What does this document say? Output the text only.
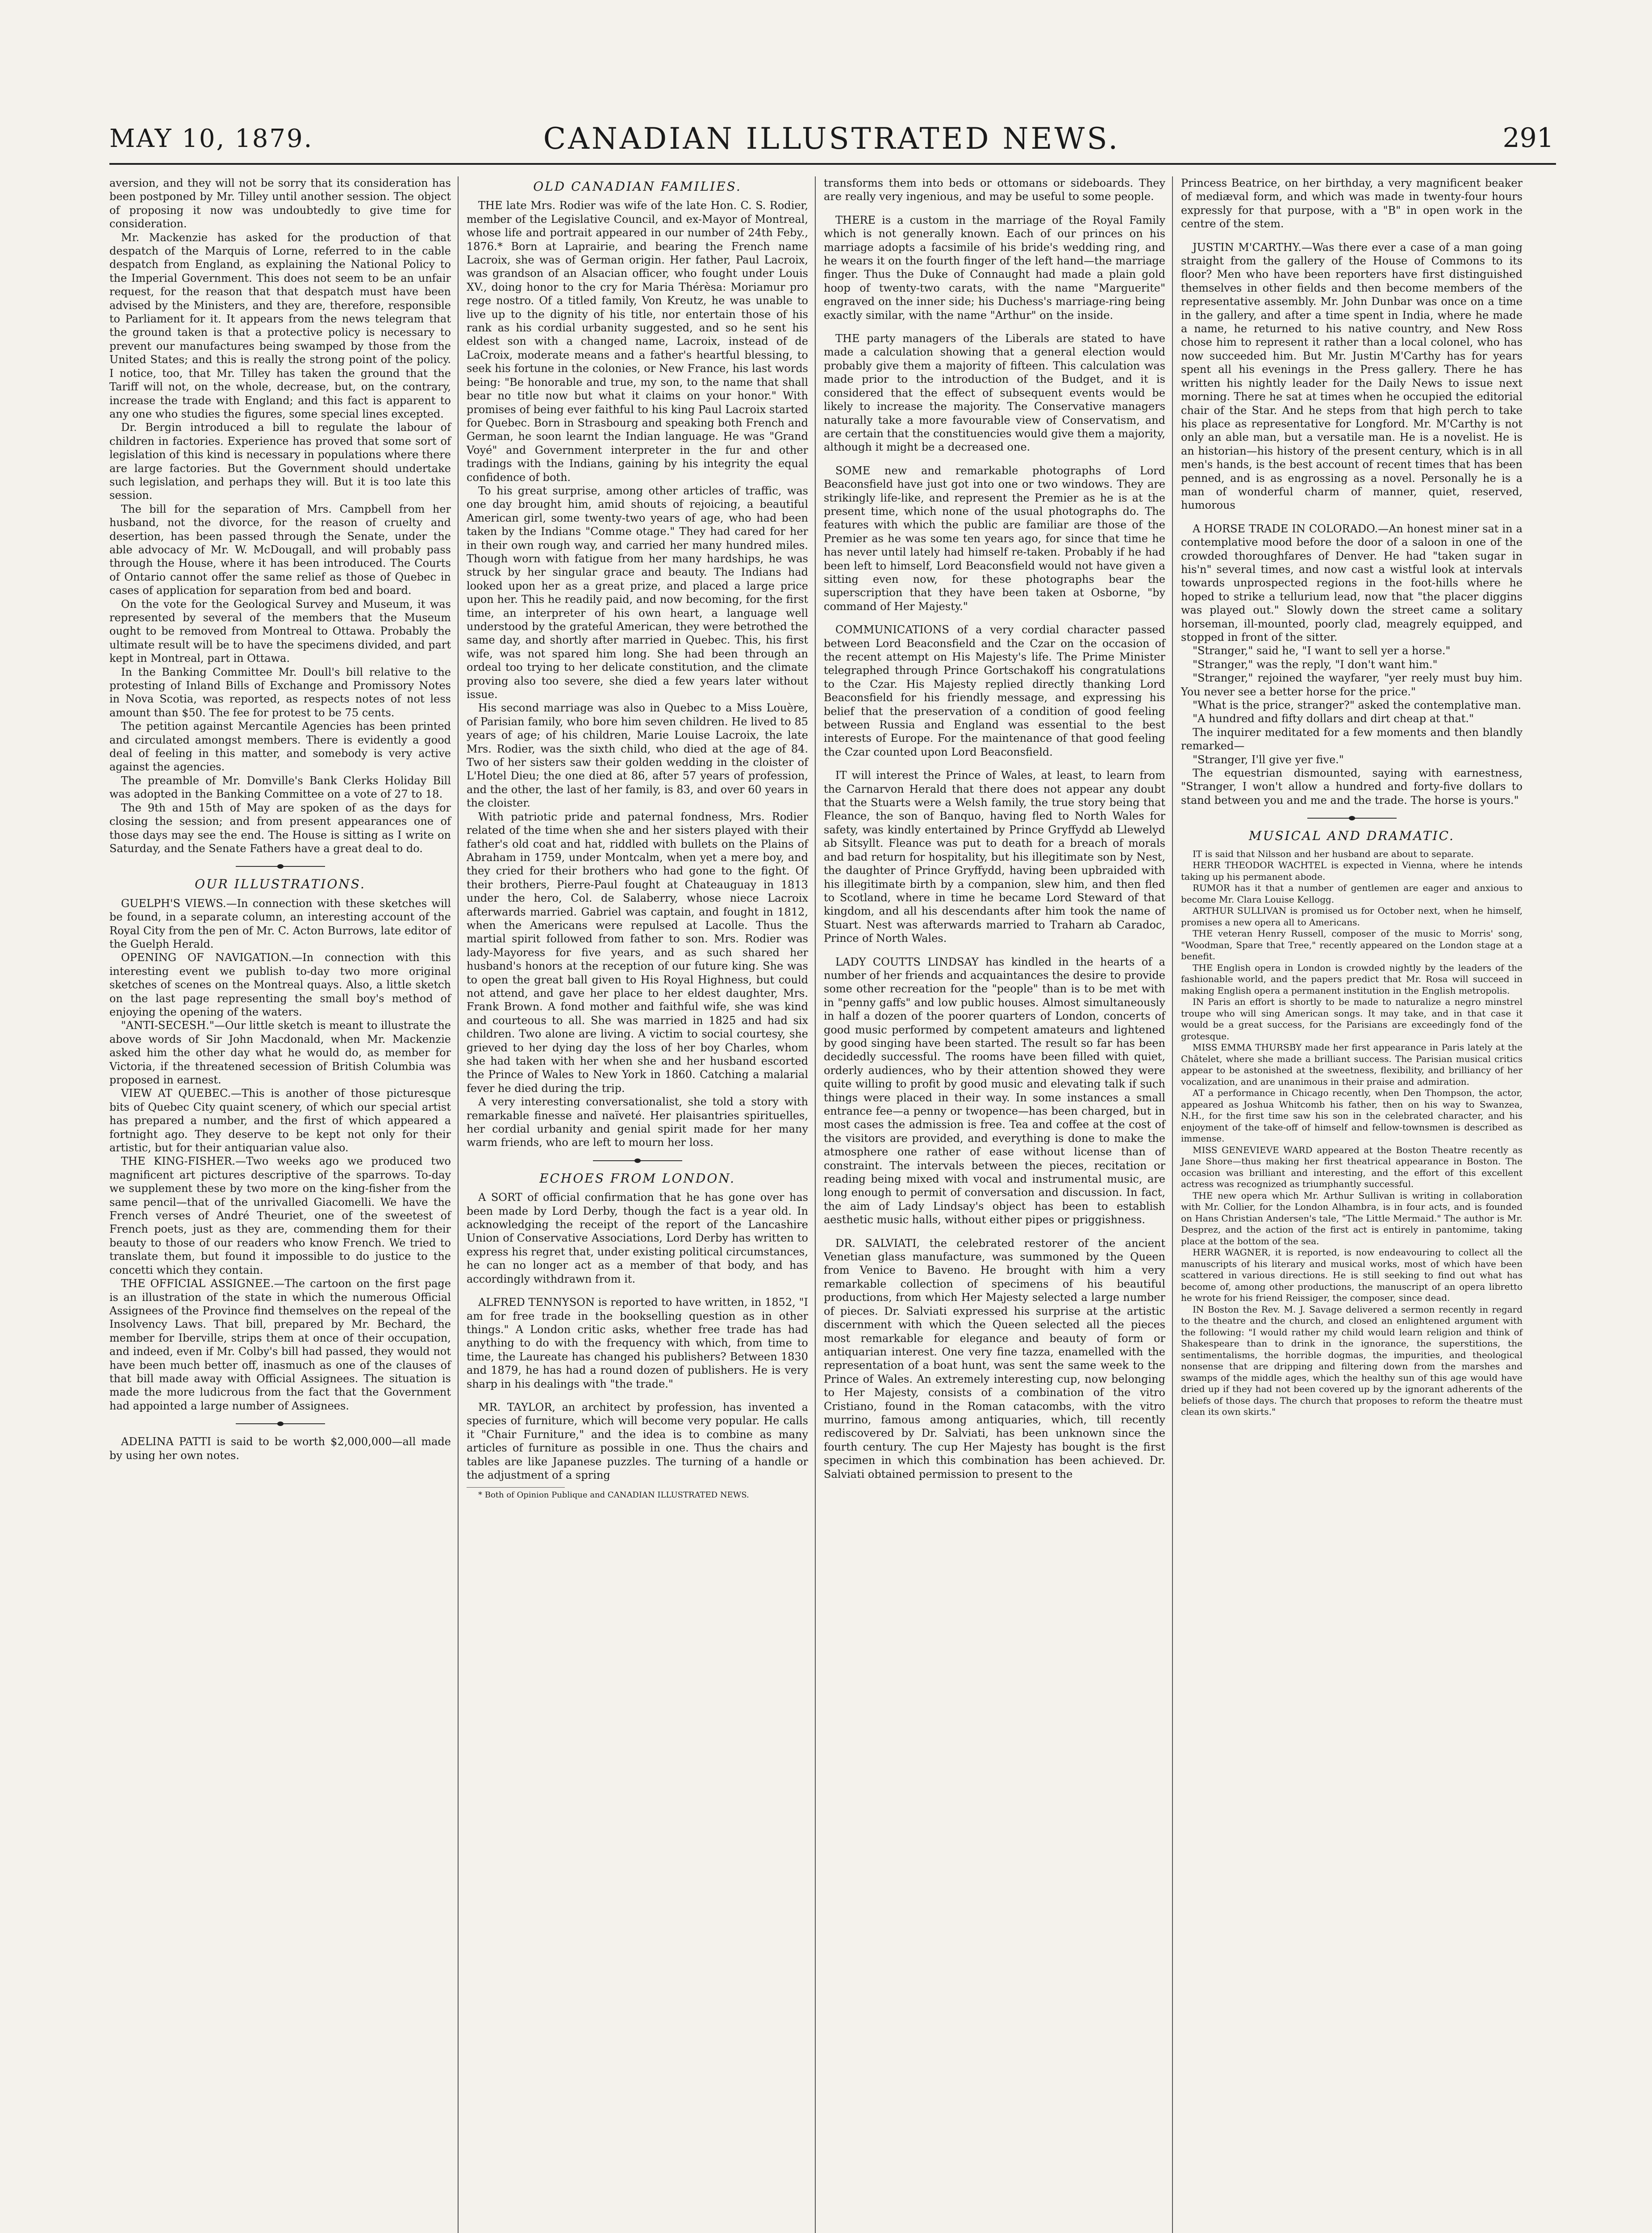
MAY 10, 1879.	CANADIAN ILLUSTRATED NEWS.	291

aversion, and they will not be sorry that its consideration has been postponed by Mr. Tilley until another session. The object of proposing it now was undoubtedly to give time for consideration.

Mr. Mackenzie has asked for the production of that despatch of the Marquis of Lorne, referred to in the cable despatch from England, as explaining the National Policy to the Imperial Government. This does not seem to be an unfair request, for the reason that that despatch must have been advised by the Ministers, and they are, therefore, responsible to Parliament for it. It appears from the news telegram that the ground taken is that a protective policy is necessary to prevent our manufactures being swamped by those from the United States; and this is really the strong point of the policy. I notice, too, that Mr. Tilley has taken the ground that the Tariff will not, on the whole, decrease, but, on the contrary, increase the trade with England; and this fact is apparent to any one who studies the figures, some special lines excepted.

Dr. Bergin introduced a bill to regulate the labour of children in factories. Experience has proved that some sort of legislation of this kind is necessary in populations where there are large factories. But the Government should undertake such legislation, and perhaps they will. But it is too late this session.

The bill for the separation of Mrs. Campbell from her husband, not the divorce, for the reason of cruelty and desertion, has been passed through the Senate, under the able advocacy of Mr. W. McDougall, and will probably pass through the House, where it has been introduced. The Courts of Ontario cannot offer the same relief as those of Quebec in cases of application for separation from bed and board.

On the vote for the Geological Survey and Museum, it was represented by several of the members that the Museum ought to be removed from Montreal to Ottawa. Probably the ultimate result will be to have the specimens divided, and part kept in Montreal, part in Ottawa.

In the Banking Committee Mr. Doull's bill relative to the protesting of Inland Bills of Exchange and Promissory Notes in Nova Scotia, was reported, as respects notes of not less amount than $50. The fee for protest to be 75 cents.

The petition against Mercantile Agencies has been printed and circulated amongst members. There is evidently a good deal of feeling in this matter, and somebody is very active against the agencies.

The preamble of Mr. Domville's Bank Clerks Holiday Bill was adopted in the Banking Committee on a vote of 27 to 18.

The 9th and 15th of May are spoken of as the days for closing the session; and from present appearances one of those days may see the end. The House is sitting as I write on Saturday, and the Senate Fathers have a great deal to do.

OUR ILLUSTRATIONS.

GUELPH'S VIEWS.—In connection with these sketches will be found, in a separate column, an interesting account of the Royal City from the pen of Mr. C. Acton Burrows, late editor of the Guelph Herald.

OPENING OF NAVIGATION.—In connection with this interesting event we publish to-day two more original sketches of scenes on the Montreal quays. Also, a little sketch on the last page representing the small boy's method of enjoying the opening of the waters.

"ANTI-SECESH."—Our little sketch is meant to illustrate the above words of Sir John Macdonald, when Mr. Mackenzie asked him the other day what he would do, as member for Victoria, if the threatened secession of British Columbia was proposed in earnest.

VIEW AT QUEBEC.—This is another of those picturesque bits of Quebec City quaint scenery, of which our special artist has prepared a number, and the first of which appeared a fortnight ago. They deserve to be kept not only for their artistic, but for their antiquarian value also.

THE KING-FISHER.—Two weeks ago we produced two magnificent art pictures descriptive of the sparrows. To-day we supplement these by two more on the king-fisher from the same pencil—that of the unrivalled Giacomelli. We have the French verses of André Theuriet, one of the sweetest of French poets, just as they are, commending them for their beauty to those of our readers who know French. We tried to translate them, but found it impossible to do justice to the concetti which they contain.

THE OFFICIAL ASSIGNEE.—The cartoon on the first page is an illustration of the state in which the numerous Official Assignees of the Province find themselves on the repeal of the Insolvency Laws. That bill, prepared by Mr. Bechard, the member for Iberville, strips them at once of their occupation, and indeed, even if Mr. Colby's bill had passed, they would not have been much better off, inasmuch as one of the clauses of that bill made away with Official Assignees. The situation is made the more ludicrous from the fact that the Government had appointed a large number of Assignees.

ADELINA PATTI is said to be worth $2,000,000—all made by using her own notes.

OLD CANADIAN FAMILIES.

THE late Mrs. Rodier was wife of the late Hon. C. S. Rodier, member of the Legislative Council, and ex-Mayor of Montreal, whose life and portrait appeared in our number of 24th Feby., 1876.* Born at Laprairie, and bearing the French name Lacroix, she was of German origin. Her father, Paul Lacroix, was grandson of an Alsacian officer, who fought under Louis XV., doing honor to the cry for Maria Thérèsa: Moriamur pro rege nostro. Of a titled family, Von Kreutz, he was unable to live up to the dignity of his title, nor entertain those of his rank as his cordial urbanity suggested, and so he sent his eldest son with a changed name, Lacroix, instead of de LaCroix, moderate means and a father's heartful blessing, to seek his fortune in the colonies, or New France, his last words being: "Be honorable and true, my son, to the name that shall bear no title now but what it claims on your honor." With promises of being ever faithful to his king Paul Lacroix started for Quebec. Born in Strasbourg and speaking both French and German, he soon learnt the Indian language. He was "Grand Voyé" and Government interpreter in the fur and other tradings with the Indians, gaining by his integrity the equal confidence of both.

To his great surprise, among other articles of traffic, was one day brought him, amid shouts of rejoicing, a beautiful American girl, some twenty-two years of age, who had been taken by the Indians "Comme otage." They had cared for her in their own rough way, and carried her many hundred miles. Though worn with fatigue from her many hardships, he was struck by her singular grace and beauty. The Indians had looked upon her as a great prize, and placed a large price upon her. This he readily paid, and now becoming, for the first time, an interpreter of his own heart, a language well understood by the grateful American, they were betrothed the same day, and shortly after married in Quebec. This, his first wife, was not spared him long. She had been through an ordeal too trying to her delicate constitution, and the climate proving also too severe, she died a few years later without issue.

His second marriage was also in Quebec to a Miss Louère, of Parisian family, who bore him seven children. He lived to 85 years of age; of his children, Marie Louise Lacroix, the late Mrs. Rodier, was the sixth child, who died at the age of 84. Two of her sisters saw their golden wedding in the cloister of L'Hotel Dieu; the one died at 86, after 57 years of profession, and the other, the last of her family, is 83, and over 60 years in the cloister.

With patriotic pride and paternal fondness, Mrs. Rodier related of the time when she and her sisters played with their father's old coat and hat, riddled with bullets on the Plains of Abraham in 1759, under Montcalm, when yet a mere boy, and they cried for their brothers who had gone to the fight. Of their brothers, Pierre-Paul fought at Chateauguay in 1813 under the hero, Col. de Salaberry, whose niece Lacroix afterwards married. Gabriel was captain, and fought in 1812, when the Americans were repulsed at Lacolle. Thus the martial spirit followed from father to son. Mrs. Rodier was lady-Mayoress for five years, and as such shared her husband's honors at the reception of our future king. She was to open the great ball given to His Royal Highness, but could not attend, and gave her place to her eldest daughter, Mrs. Frank Brown. A fond mother and faithful wife, she was kind and courteous to all. She was married in 1825 and had six children. Two alone are living. A victim to social courtesy, she grieved to her dying day the loss of her boy Charles, whom she had taken with her when she and her husband escorted the Prince of Wales to New York in 1860. Catching a malarial fever he died during the trip.

A very interesting conversationalist, she told a story with remarkable finesse and naïveté. Her plaisantries spirituelles, her cordial urbanity and genial spirit made for her many warm friends, who are left to mourn her loss.

ECHOES FROM LONDON.

A SORT of official confirmation that he has gone over has been made by Lord Derby, though the fact is a year old. In acknowledging the receipt of the report of the Lancashire Union of Conservative Associations, Lord Derby has written to express his regret that, under existing political circumstances, he can no longer act as a member of that body, and has accordingly withdrawn from it.

ALFRED TENNYSON is reported to have written, in 1852, "I am for free trade in the bookselling question as in other things." A London critic asks, whether free trade has had anything to do with the frequency with which, from time to time, the Laureate has changed his publishers? Between 1830 and 1879, he has had a round dozen of publishers. He is very sharp in his dealings with "the trade."

MR. TAYLOR, an architect by profession, has invented a species of furniture, which will become very popular. He calls it "Chair Furniture," and the idea is to combine as many articles of furniture as possible in one. Thus the chairs and tables are like Japanese puzzles. The turning of a handle or the adjustment of a spring

* Both of Opinion Publique and CANADIAN ILLUSTRATED NEWS.

transforms them into beds or ottomans or sideboards. They are really very ingenious, and may be useful to some people.

THERE is a custom in the marriage of the Royal Family which is not generally known. Each of our princes on his marriage adopts a facsimile of his bride's wedding ring, and he wears it on the fourth finger of the left hand—the marriage finger. Thus the Duke of Connaught had made a plain gold hoop of twenty-two carats, with the name "Marguerite" engraved on the inner side; his Duchess's marriage-ring being exactly similar, with the name "Arthur" on the inside.

THE party managers of the Liberals are stated to have made a calculation showing that a general election would probably give them a majority of fifteen. This calculation was made prior to the introduction of the Budget, and it is considered that the effect of subsequent events would be likely to increase the majority. The Conservative managers naturally take a more favourable view of Conservatism, and are certain that the constituencies would give them a majority, although it might be a decreased one.

SOME new and remarkable photographs of Lord Beaconsfield have just got into one or two windows. They are strikingly life-like, and represent the Premier as he is at the present time, which none of the usual photographs do. The features with which the public are familiar are those of the Premier as he was some ten years ago, for since that time he has never until lately had himself re-taken. Probably if he had been left to himself, Lord Beaconsfield would not have given a sitting even now, for these photographs bear the superscription that they have been taken at Osborne, "by command of Her Majesty."

COMMUNICATIONS of a very cordial character passed between Lord Beaconsfield and the Czar on the occasion of the recent attempt on His Majesty's life. The Prime Minister telegraphed through Prince Gortschakoff his congratulations to the Czar. His Majesty replied directly thanking Lord Beaconsfield for his friendly message, and expressing his belief that the preservation of a condition of good feeling between Russia and England was essential to the best interests of Europe. For the maintenance of that good feeling the Czar counted upon Lord Beaconsfield.

IT will interest the Prince of Wales, at least, to learn from the Carnarvon Herald that there does not appear any doubt that the Stuarts were a Welsh family, the true story being that Fleance, the son of Banquo, having fled to North Wales for safety, was kindly entertained by Prince Gryffydd ab Llewelyd ab Sitsyllt. Fleance was put to death for a breach of morals and bad return for hospitality, but his illegitimate son by Nest, the daughter of Prince Gryffydd, having been upbraided with his illegitimate birth by a companion, slew him, and then fled to Scotland, where in time he became Lord Steward of that kingdom, and all his descendants after him took the name of Stuart. Nest was afterwards married to Traharn ab Caradoc, Prince of North Wales.

LADY COUTTS LINDSAY has kindled in the hearts of a number of her friends and acquaintances the desire to provide some other recreation for the "people" than is to be met with in "penny gaffs" and low public houses. Almost simultaneously in half a dozen of the poorer quarters of London, concerts of good music performed by competent amateurs and lightened by good singing have been started. The result so far has been decidedly successful. The rooms have been filled with quiet, orderly audiences, who by their attention showed they were quite willing to profit by good music and elevating talk if such things were placed in their way. In some instances a small entrance fee—a penny or twopence—has been charged, but in most cases the admission is free. Tea and coffee at the cost of the visitors are provided, and everything is done to make the atmosphere one rather of ease without license than of constraint. The intervals between the pieces, recitation or reading being mixed with vocal and instrumental music, are long enough to permit of conversation and discussion. In fact, the aim of Lady Lindsay's object has been to establish aesthetic music halls, without either pipes or priggishness.

DR. SALVIATI, the celebrated restorer of the ancient Venetian glass manufacture, was summoned by the Queen from Venice to Baveno. He brought with him a very remarkable collection of specimens of his beautiful productions, from which Her Majesty selected a large number of pieces. Dr. Salviati expressed his surprise at the artistic discernment with which the Queen selected all the pieces most remarkable for elegance and beauty of form or antiquarian interest. One very fine tazza, enamelled with the representation of a boat hunt, was sent the same week to the Prince of Wales. An extremely interesting cup, now belonging to Her Majesty, consists of a combination of the vitro Cristiano, found in the Roman catacombs, with the vitro murrino, famous among antiquaries, which, till recently rediscovered by Dr. Salviati, has been unknown since the fourth century. The cup Her Majesty has bought is the first specimen in which this combination has been achieved. Dr. Salviati obtained permission to present to the

Princess Beatrice, on her birthday, a very magnificent beaker of mediæval form, and which was made in twenty-four hours expressly for that purpose, with a "B" in open work in the centre of the stem.

JUSTIN M'CARTHY.—Was there ever a case of a man going straight from the gallery of the House of Commons to its floor? Men who have been reporters have first distinguished themselves in other fields and then become members of the representative assembly. Mr. John Dunbar was once on a time in the gallery, and after a time spent in India, where he made a name, he returned to his native country, and New Ross chose him to represent it rather than a local colonel, who has now succeeded him. But Mr. Justin M'Carthy has for years spent all his evenings in the Press gallery. There he has written his nightly leader for the Daily News to issue next morning. There he sat at times when he occupied the editorial chair of the Star. And he steps from that high perch to take his place as representative for Longford. Mr. M'Carthy is not only an able man, but a versatile man. He is a novelist. He is an historian—his history of the present century, which is in all men's hands, is the best account of recent times that has been penned, and is as engrossing as a novel. Personally he is a man of wonderful charm of manner, quiet, reserved, humorous

A HORSE TRADE IN COLORADO.—An honest miner sat in a contemplative mood before the door of a saloon in one of the crowded thoroughfares of Denver. He had "taken sugar in his'n" several times, and now cast a wistful look at intervals towards unprospected regions in the foot-hills where he hoped to strike a tellurium lead, now that "the placer diggins was played out." Slowly down the street came a solitary horseman, ill-mounted, poorly clad, meagrely equipped, and stopped in front of the sitter.

"Stranger," said he, "I want to sell yer a horse."

"Stranger," was the reply, "I don't want him."

"Stranger," rejoined the wayfarer, "yer reely must buy him. You never see a better horse for the price."

"What is the price, stranger?" asked the contemplative man.

"A hundred and fifty dollars and dirt cheap at that."

The inquirer meditated for a few moments and then blandly remarked—

"Stranger, I'll give yer five."

The equestrian dismounted, saying with earnestness, "Stranger, I won't allow a hundred and forty-five dollars to stand between you and me and the trade. The horse is yours."

MUSICAL AND DRAMATIC.

IT is said that Nilsson and her husband are about to separate.

HERR THEODOR WACHTEL is expected in Vienna, where he intends taking up his permanent abode.

RUMOR has it that a number of gentlemen are eager and anxious to become Mr. Clara Louise Kellogg.

ARTHUR SULLIVAN is promised us for October next, when he himself, promises a new opera all to Americans.

THE veteran Henry Russell, composer of the music to Morris' song, "Woodman, Spare that Tree," recently appeared on the London stage at a benefit.

THE English opera in London is crowded nightly by the leaders of the fashionable world, and the papers predict that Mr. Rosa will succeed in making English opera a permanent institution in the English metropolis.

IN Paris an effort is shortly to be made to naturalize a negro minstrel troupe who will sing American songs. It may take, and in that case it would be a great success, for the Parisians are exceedingly fond of the grotesque.

MISS EMMA THURSBY made her first appearance in Paris lately at the Châtelet, where she made a brilliant success. The Parisian musical critics appear to be astonished at the sweetness, flexibility, and brilliancy of her vocalization, and are unanimous in their praise and admiration.

AT a performance in Chicago recently, when Den Thompson, the actor, appeared as Joshua Whitcomb his father, then on his way to Swanzea, N.H., for the first time saw his son in the celebrated character, and his enjoyment of the take-off of himself and fellow-townsmen is described as immense.

MISS GENEVIEVE WARD appeared at the Boston Theatre recently as Jane Shore—thus making her first theatrical appearance in Boston. The occasion was brilliant and interesting, and the effort of this excellent actress was recognized as triumphantly successful.

THE new opera which Mr. Arthur Sullivan is writing in collaboration with Mr. Collier, for the London Alhambra, is in four acts, and is founded on Hans Christian Andersen's tale, "The Little Mermaid." The author is Mr. Desprez, and the action of the first act is entirely in pantomime, taking place at the bottom of the sea.

HERR WAGNER, it is reported, is now endeavouring to collect all the manuscripts of his literary and musical works, most of which have been scattered in various directions. He is still seeking to find out what has become of, among other productions, the manuscript of an opera libretto he wrote for his friend Reissiger, the composer, since dead.

IN Boston the Rev. M. J. Savage delivered a sermon recently in regard to the theatre and the church, and closed an enlightened argument with the following: "I would rather my child would learn religion and think of Shakespeare than to drink in the ignorance, the superstitions, the sentimentalisms, the horrible dogmas, the impurities, and theological nonsense that are dripping and filtering down from the marshes and swamps of the middle ages, which the healthy sun of this age would have dried up if they had not been covered up by the ignorant adherents of the beliefs of those days. The church that proposes to reform the theatre must clean its own skirts."
